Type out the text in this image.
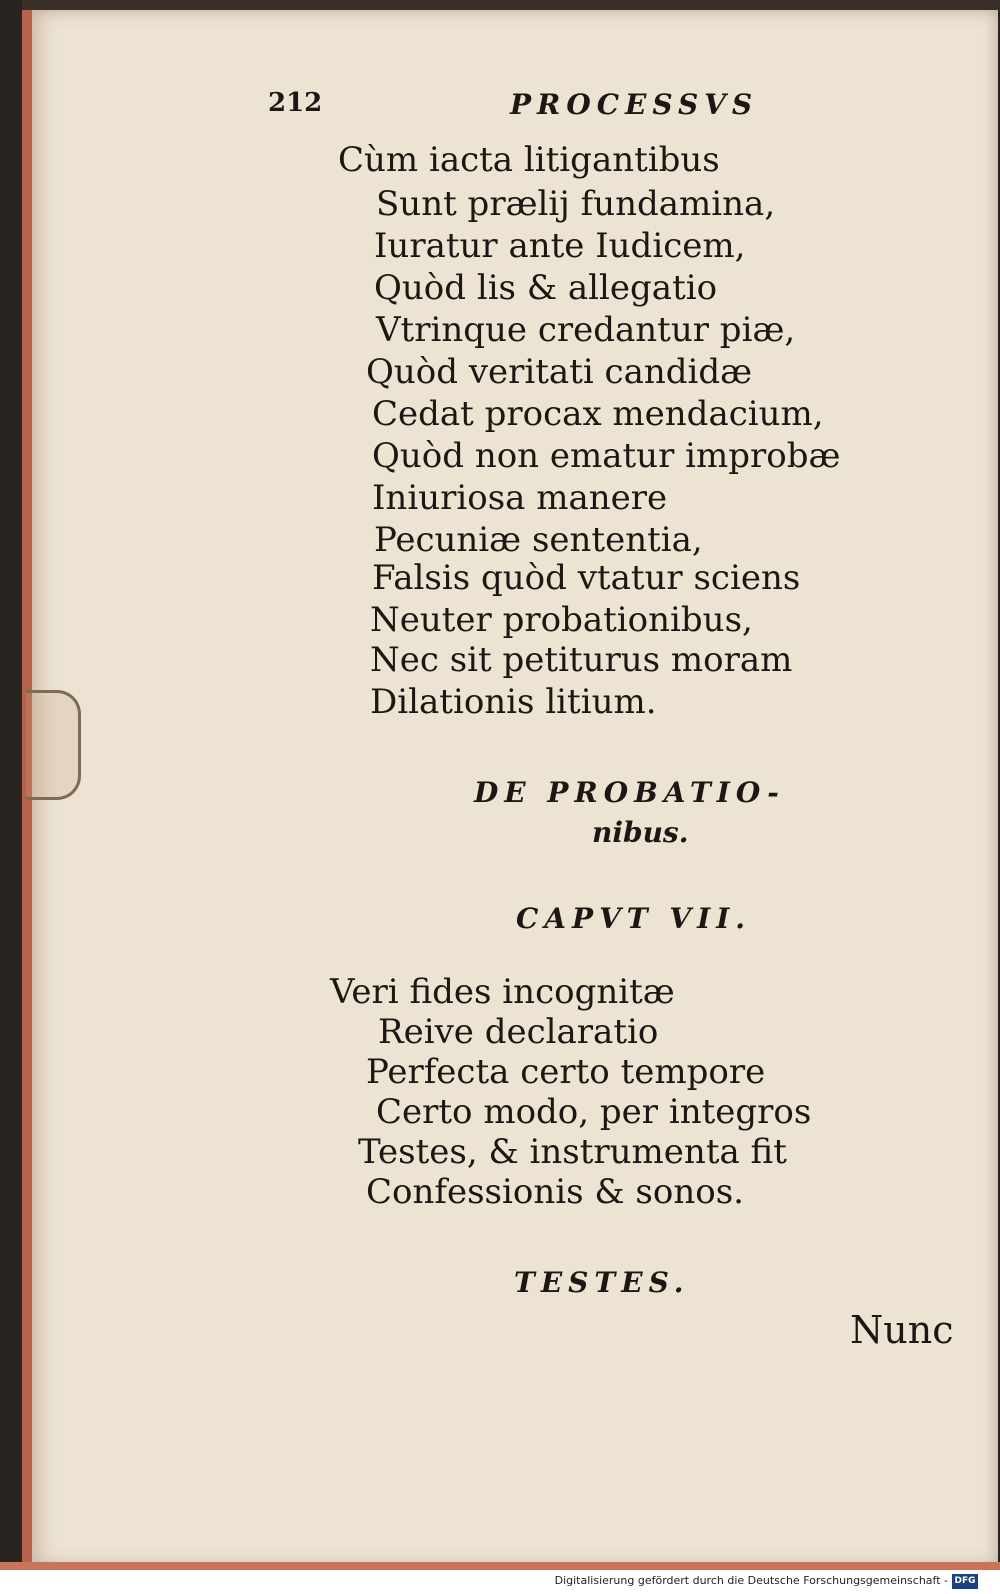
212	PROCESSVS
Cùm iacta litigantibus
Sunt prælij fundamina,
Iuratur ante Iudicem,
Quòd lis & allegatio
Vtrinque credantur piæ,
Quòd veritati candidæ
Cedat procax mendacium,
Quòd non ematur improbæ
Iniuriosa manere
Pecuniæ sententia,
Falsis quòd vtatur sciens
Neuter probationibus,
Nec sit petiturus moram
Dilationis litium.
DE PROBATIO-
nibus.
CAPVT VII.
Veri fides incognitæ
Reive declaratio
Perfecta certo tempore
Certo modo, per integros
Testes, & instrumenta fit
Confessionis & sonos.
TESTES.
Nunc
Digitalisierung gefördert durch die Deutsche Forschungsgemeinschaft - DFG
